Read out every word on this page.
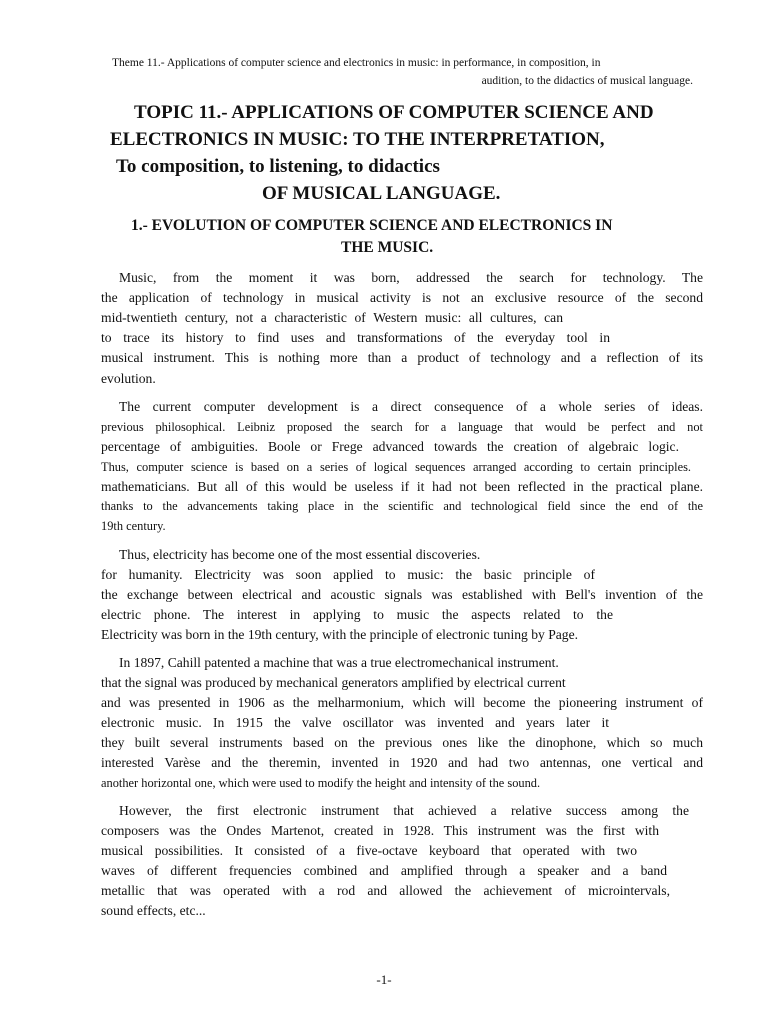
Theme 11.- Applications of computer science and electronics in music: in performance, in composition, in
audition, to the didactics of musical language.
TOPIC 11.- APPLICATIONS OF COMPUTER SCIENCE AND
ELECTRONICS IN MUSIC: TO THE INTERPRETATION,
To composition, to listening, to didactics
OF MUSICAL LANGUAGE.
1.- EVOLUTION OF COMPUTER SCIENCE AND ELECTRONICS IN
THE MUSIC.
Music, from the moment it was born, addressed the search for technology. The
the application of technology in musical activity is not an exclusive resource of the second
mid-twentieth century, not a characteristic of Western music: all cultures, can
to trace its history to find uses and transformations of the everyday tool in
musical instrument. This is nothing more than a product of technology and a reflection of its
evolution.
The current computer development is a direct consequence of a whole series of ideas.
previous philosophical. Leibniz proposed the search for a language that would be perfect and not
percentage of ambiguities. Boole or Frege advanced towards the creation of algebraic logic.
Thus, computer science is based on a series of logical sequences arranged according to certain principles.
mathematicians. But all of this would be useless if it had not been reflected in the practical plane.
thanks to the advancements taking place in the scientific and technological field since the end of the
19th century.
Thus, electricity has become one of the most essential discoveries.
for humanity. Electricity was soon applied to music: the basic principle of
the exchange between electrical and acoustic signals was established with Bell's invention of the
electric phone. The interest in applying to music the aspects related to the
Electricity was born in the 19th century, with the principle of electronic tuning by Page.
In 1897, Cahill patented a machine that was a true electromechanical instrument.
that the signal was produced by mechanical generators amplified by electrical current
and was presented in 1906 as the melharmonium, which will become the pioneering instrument of
electronic music. In 1915 the valve oscillator was invented and years later it
they built several instruments based on the previous ones like the dinophone, which so much
interested Varèse and the theremin, invented in 1920 and had two antennas, one vertical and
another horizontal one, which were used to modify the height and intensity of the sound.
However, the first electronic instrument that achieved a relative success among the
composers was the Ondes Martenot, created in 1928. This instrument was the first with
musical possibilities. It consisted of a five-octave keyboard that operated with two
waves of different frequencies combined and amplified through a speaker and a band
metallic that was operated with a rod and allowed the achievement of microintervals,
sound effects, etc...
-1-
